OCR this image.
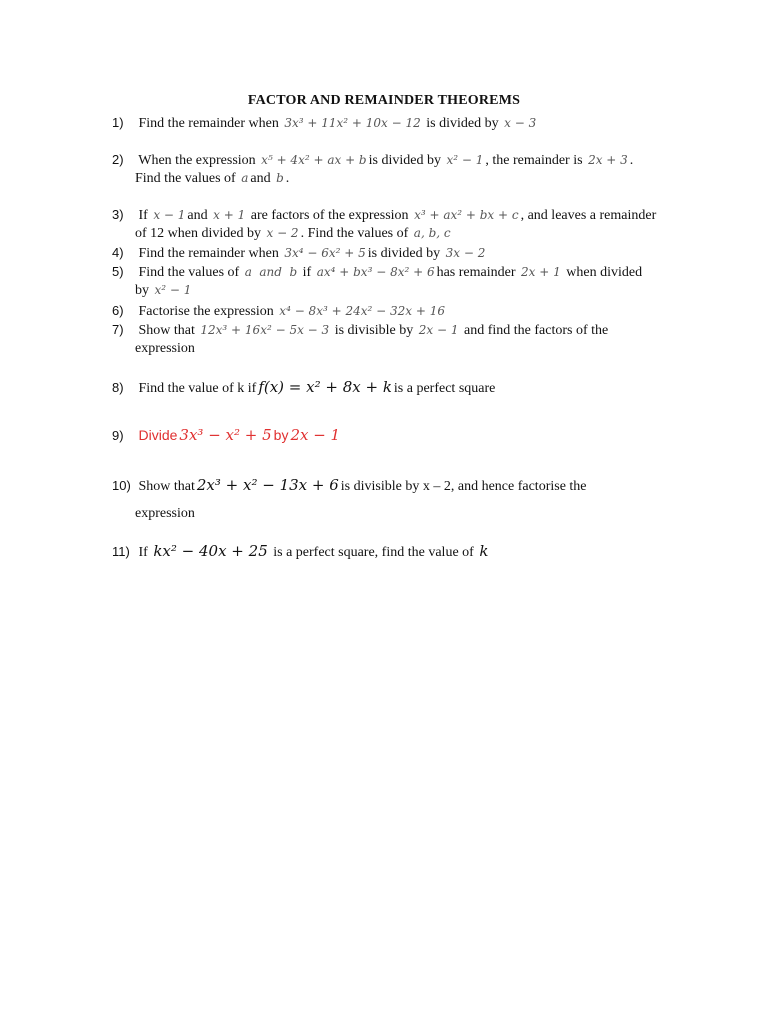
FACTOR AND REMAINDER THEOREMS
1) Find the remainder when 3x³ + 11x² + 10x − 12 is divided by x − 3
2) When the expression x⁵ + 4x² + ax + b is divided by x² − 1 , the remainder is 2x + 3 .
Find the values of a and b .
3) If x − 1 and x + 1 are factors of the expression x³ + ax² + bx + c , and leaves a remainder
of 12 when divided by x − 2 . Find the values of a, b, c
4) Find the remainder when 3x⁴ − 6x² + 5 is divided by 3x − 2
5) Find the values of a and b if ax⁴ + bx³ − 8x² + 6 has remainder 2x + 1 when divided
by x² − 1
6) Factorise the expression x⁴ − 8x³ + 24x² − 32x + 16
7) Show that 12x³ + 16x² − 5x − 3 is divisible by 2x − 1 and find the factors of the
expression
8) Find the value of k if f(x) = x² + 8x + k is a perfect square
9) Divide 3x³ − x² + 5 by 2x − 1
10) Show that 2x³ + x² − 13x + 6 is divisible by x – 2, and hence factorise the
expression
11) If kx² − 40x + 25 is a perfect square, find the value of k
